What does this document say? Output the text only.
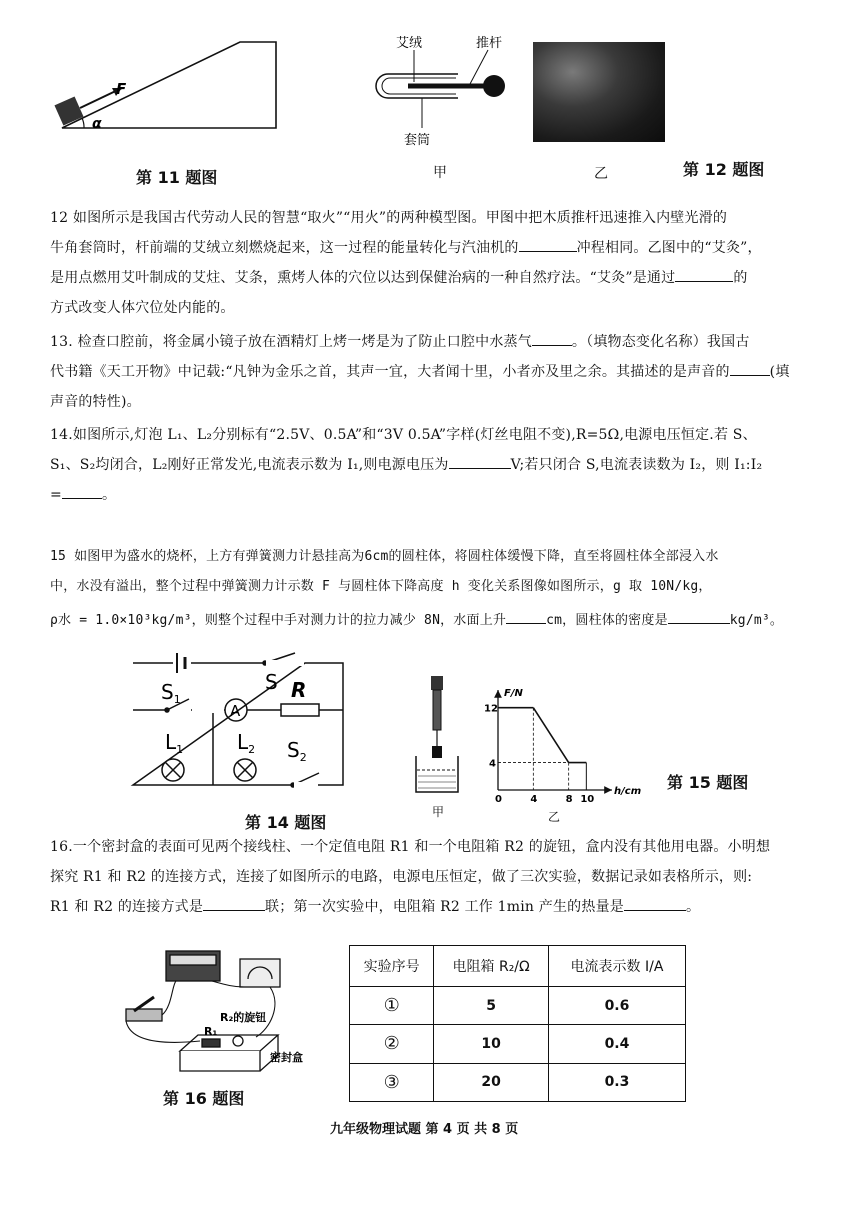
F
α
第 11 题图
艾绒	推杆
套筒
甲	乙	第 12 题图
12 如图所示是我国古代劳动人民的智慧“取火”“用火”的两种模型图。甲图中把木质推杆迅速推入内壁光滑的
牛角套筒时，杆前端的艾绒立刻燃烧起来，这一过程的能量转化与汽油机的	冲程相同。乙图中的“艾灸”，
是用点燃用艾叶制成的艾炷、艾条，熏烤人体的穴位以达到保健治病的一种自然疗法。“艾灸”是通过	的
方式改变人体穴位处内能的。
13. 检查口腔前，将金属小镜子放在酒精灯上烤一烤是为了防止口腔中水蒸气	。（填物态变化名称）我国古
代书籍《天工开物》中记载:“凡钟为金乐之首，其声一宜，大者闻十里，小者亦及里之余。其描述的是声音的	(填
声音的特性)。
14.如图所示,灯泡 L₁、L₂分别标有“2.5V、0.5A”和“3V 0.5A”字样(灯丝电阻不变),R=5Ω,电源电压恒定.若 S、
S₁、S₂均闭合，L₂刚好正常发光,电流表示数为 I₁,则电源电压为	V;若只闭合 S,电流表读数为 I₂，则 I₁:I₂
=	。
15 如图甲为盛水的烧杯，上方有弹簧测力计悬挂高为6cm的圆柱体，将圆柱体缓慢下降，直至将圆柱体全部浸入水
中，水没有溢出，整个过程中弹簧测力计示数 F 与圆柱体下降高度 h 变化关系图像如图所示，g 取 10N/kg，
ρ水 = 1.0×10³kg/m³，则整个过程中手对测力计的拉力减少 8N，水面上升	cm，圆柱体的密度是	kg/m³。
S
$S_1$
A
R
$L_1$	$L_2$ $S_2$
第 14 题图
甲
F/N
h/cm
0	4	8 10
4
12
乙
第 15 题图
16.一个密封盒的表面可见两个接线柱、一个定值电阻 R1 和一个电阻箱 R2 的旋钮，盒内没有其他用电器。小明想
探究 R1 和 R2 的连接方式，连接了如图所示的电路，电源电压恒定，做了三次实验，数据记录如表格所示，则:
R1 和 R2 的连接方式是	联；第一次实验中，电阻箱 R2 工作 1min 产生的热量是	。
R₂的旋钮
R₁
密封盒
第 16 题图
实验序号	电阻箱 R₂/Ω	电流表示数 I/A
①	5	0.6
②	10	0.4
③	20	0.3
九年级物理试题 第 4 页 共 8 页
